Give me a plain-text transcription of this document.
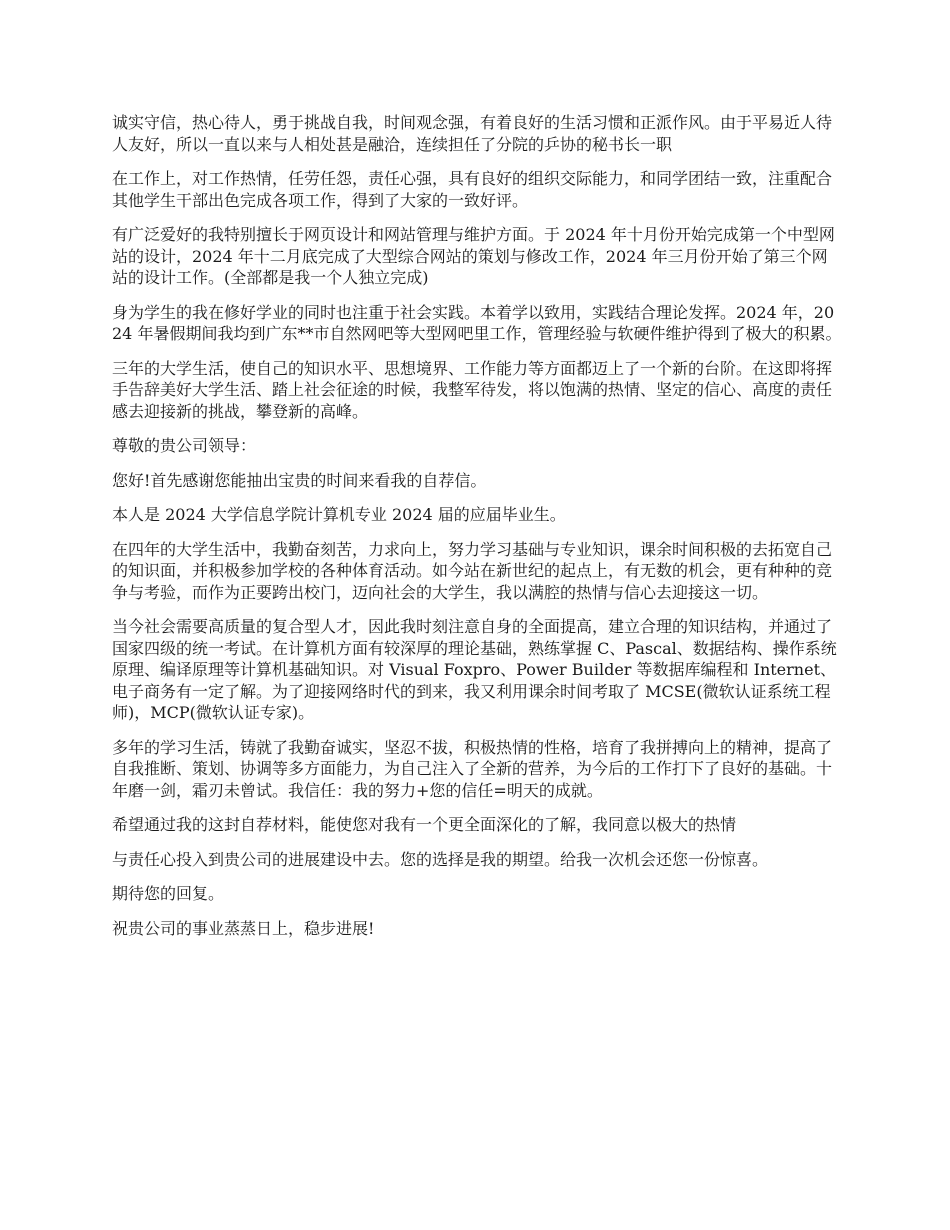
诚实守信，热心待人，勇于挑战自我，时间观念强，有着良好的生活习惯和正派作风。由于平易近人待人友好，所以一直以来与人相处甚是融洽，连续担任了分院的乒协的秘书长一职

在工作上，对工作热情，任劳任怨，责任心强，具有良好的组织交际能力，和同学团结一致，注重配合其他学生干部出色完成各项工作，得到了大家的一致好评。

有广泛爱好的我特别擅长于网页设计和网站管理与维护方面。于 2024 年十月份开始完成第一个中型网站的设计，2024 年十二月底完成了大型综合网站的策划与修改工作，2024 年三月份开始了第三个网站的设计工作。(全部都是我一个人独立完成)

身为学生的我在修好学业的同时也注重于社会实践。本着学以致用，实践结合理论发挥。2024 年，2024 年暑假期间我均到广东**市自然网吧等大型网吧里工作，管理经验与软硬件维护得到了极大的积累。

三年的大学生活，使自己的知识水平、思想境界、工作能力等方面都迈上了一个新的台阶。在这即将挥手告辞美好大学生活、踏上社会征途的时候，我整军待发，将以饱满的热情、坚定的信心、高度的责任感去迎接新的挑战，攀登新的高峰。

尊敬的贵公司领导：

您好!首先感谢您能抽出宝贵的时间来看我的自荐信。

本人是 2024 大学信息学院计算机专业 2024 届的应届毕业生。

在四年的大学生活中，我勤奋刻苦，力求向上，努力学习基础与专业知识，课余时间积极的去拓宽自己的知识面，并积极参加学校的各种体育活动。如今站在新世纪的起点上，有无数的机会，更有种种的竞争与考验，而作为正要跨出校门，迈向社会的大学生，我以满腔的热情与信心去迎接这一切。

当今社会需要高质量的复合型人才，因此我时刻注意自身的全面提高，建立合理的知识结构，并通过了国家四级的统一考试。在计算机方面有较深厚的理论基础，熟练掌握 C、Pascal、数据结构、操作系统原理、编译原理等计算机基础知识。对 Visual Foxpro、Power Builder 等数据库编程和 Internet、电子商务有一定了解。为了迎接网络时代的到来，我又利用课余时间考取了 MCSE(微软认证系统工程师)，MCP(微软认证专家)。

多年的学习生活，铸就了我勤奋诚实，坚忍不拔，积极热情的性格，培育了我拼搏向上的精神，提高了自我推断、策划、协调等多方面能力，为自己注入了全新的营养，为今后的工作打下了良好的基础。十年磨一剑，霜刃未曾试。我信任：我的努力+您的信任=明天的成就。

希望通过我的这封自荐材料，能使您对我有一个更全面深化的了解，我同意以极大的热情

与责任心投入到贵公司的进展建设中去。您的选择是我的期望。给我一次机会还您一份惊喜。

期待您的回复。

祝贵公司的事业蒸蒸日上，稳步进展!
